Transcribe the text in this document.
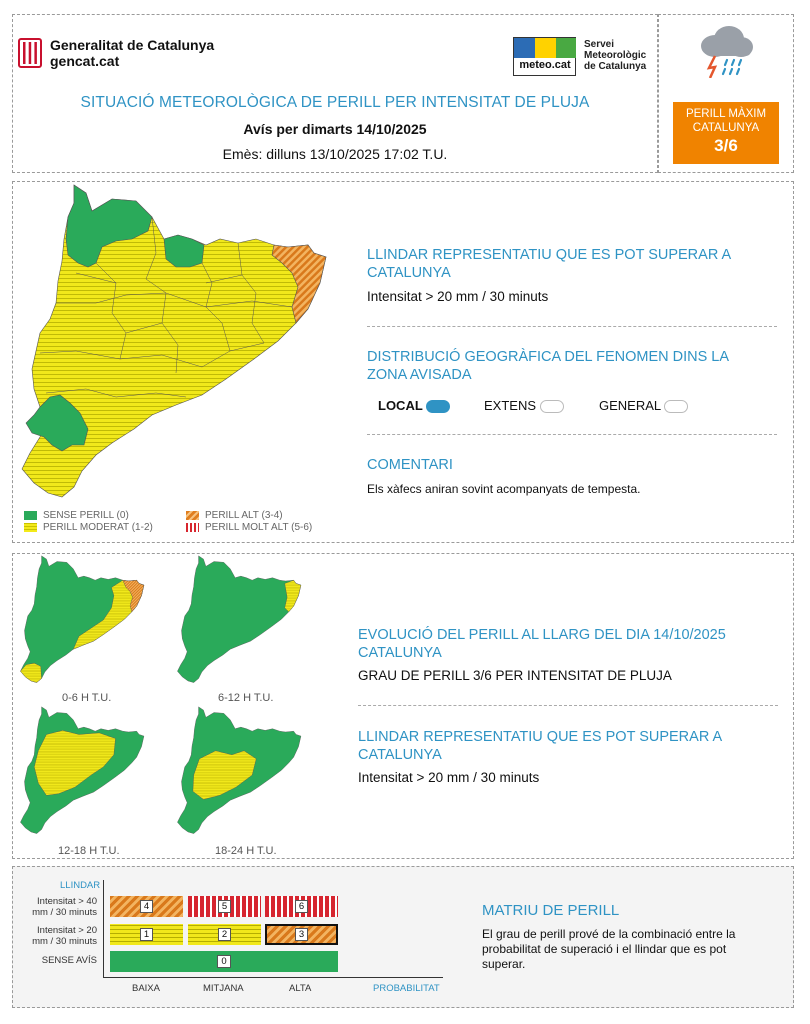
Generalitat de Catalunya
gencat.cat	meteo.cat
Servei
Meteorològic
de Catalunya
SITUACIÓ METEOROLÒGICA DE PERILL PER INTENSITAT DE PLUJA
Avís per dimarts 14/10/2025
Emès: dilluns 13/10/2025 17:02 T.U.
PERILL MÀXIM
CATALUNYA
3/6
SENSE PERILL (0)
PERILL MODERAT (1-2)
PERILL ALT (3-4)
PERILL MOLT ALT (5-6)
LLINDAR REPRESENTATIU QUE ES POT SUPERAR A CATALUNYA
Intensitat > 20 mm / 30 minuts
DISTRIBUCIÓ GEOGRÀFICA DEL FENOMEN DINS LA ZONA AVISADA
LOCAL	EXTENS	GENERAL
COMENTARI
Els xàfecs aniran sovint acompanyats de tempesta.
0-6 H T.U.	6-12 H T.U.
12-18 H T.U.	18-24 H T.U.
EVOLUCIÓ DEL PERILL AL LLARG DEL DIA 14/10/2025 CATALUNYA
GRAU DE PERILL 3/6 PER INTENSITAT DE PLUJA
LLINDAR REPRESENTATIU QUE ES POT SUPERAR A CATALUNYA
Intensitat > 20 mm / 30 minuts
LLINDAR
Intensitat > 40
mm / 30 minuts
Intensitat > 20
mm / 30 minuts
SENSE AVÍS
4	5	6
1	2	3
0
BAIXA	MITJANA	ALTA	PROBABILITAT
MATRIU DE PERILL
El grau de perill prové de la combinació entre la probabilitat de superació i el llindar que es pot superar.
